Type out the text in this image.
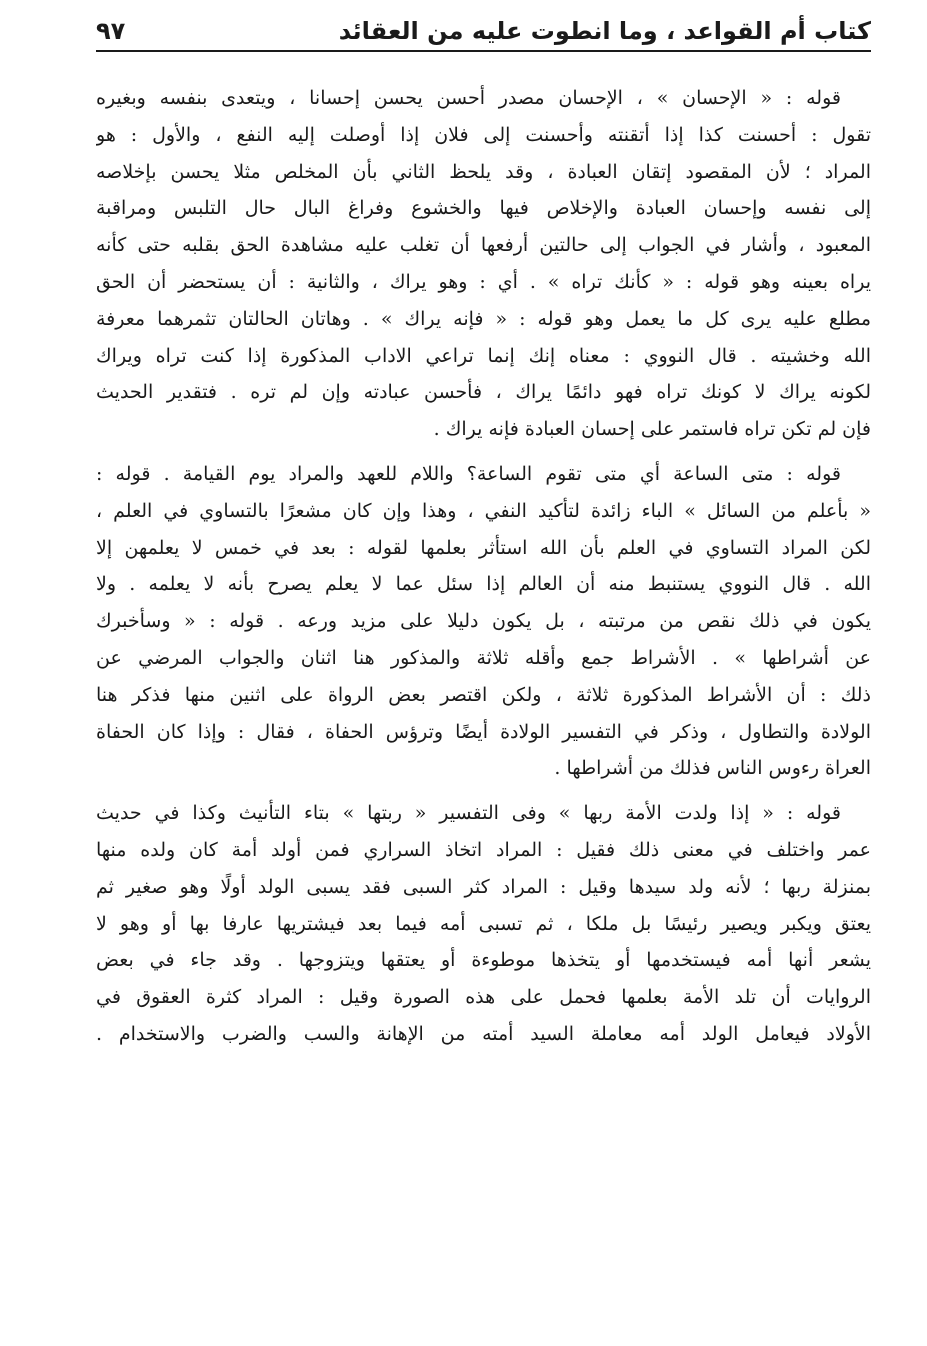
كتاب أم القواعد ، وما انطوت عليه من العقائد
٩٧
قوله : « الإحسان » ، الإحسان مصدر أحسن يحسن إحسانا ، ويتعدى بنفسه وبغيره
تقول : أحسنت كذا إذا أتقنته وأحسنت إلى فلان إذا أوصلت إليه النفع ، والأول : هو
المراد ؛ لأن المقصود إتقان العبادة ، وقد يلحظ الثاني بأن المخلص مثلا يحسن بإخلاصه
إلى نفسه وإحسان العبادة والإخلاص فيها والخشوع وفراغ البال حال التلبس ومراقبة
المعبود ، وأشار في الجواب إلى حالتين أرفعها أن تغلب عليه مشاهدة الحق بقلبه حتى كأنه
يراه بعينه وهو قوله : « كأنك تراه » . أي : وهو يراك ، والثانية : أن يستحضر أن الحق
مطلع عليه يرى كل ما يعمل وهو قوله : « فإنه يراك » . وهاتان الحالتان تثمرهما معرفة
الله وخشيته . قال النووي : معناه إنك إنما تراعي الاداب المذكورة إذا كنت تراه ويراك
لكونه يراك لا كونك تراه فهو دائمًا يراك ، فأحسن عبادته وإن لم تره . فتقدير الحديث
فإن لم تكن تراه فاستمر على إحسان العبادة فإنه يراك .
قوله : متى الساعة أي متى تقوم الساعة؟ واللام للعهد والمراد يوم القيامة . قوله :
« بأعلم من السائل » الباء زائدة لتأكيد النفي ، وهذا وإن كان مشعرًا بالتساوي في العلم ،
لكن المراد التساوي في العلم بأن الله استأثر بعلمها لقوله : بعد في خمس لا يعلمهن إلا
الله . قال النووي يستنبط منه أن العالم إذا سئل عما لا يعلم يصرح بأنه لا يعلمه . ولا
يكون في ذلك نقص من مرتبته ، بل يكون دليلا على مزيد ورعه . قوله : « وسأخبرك
عن أشراطها » . الأشراط جمع وأقله ثلاثة والمذكور هنا اثنان والجواب المرضي عن
ذلك : أن الأشراط المذكورة ثلاثة ، ولكن اقتصر بعض الرواة على اثنين منها فذكر هنا
الولادة والتطاول ، وذكر في التفسير الولادة أيضًا وترؤس الحفاة ، فقال : وإذا كان الحفاة
العراة رءوس الناس فذلك من أشراطها .
قوله : « إذا ولدت الأمة ربها » وفى التفسير « ربتها » بتاء التأنيث وكذا في حديث
عمر واختلف في معنى ذلك فقيل : المراد اتخاذ السراري فمن أولد أمة كان ولده منها
بمنزلة ربها ؛ لأنه ولد سيدها وقيل : المراد كثر السبى فقد يسبى الولد أولًا وهو صغير ثم
يعتق ويكبر ويصير رئيسًا بل ملكا ، ثم تسبى أمه فيما بعد فيشتريها عارفا بها أو وهو لا
يشعر أنها أمه فيستخدمها أو يتخذها موطوءة أو يعتقها ويتزوجها . وقد جاء في بعض
الروايات أن تلد الأمة بعلمها فحمل على هذه الصورة وقيل : المراد كثرة العقوق في
الأولاد فيعامل الولد أمه معاملة السيد أمته من الإهانة والسب والضرب والاستخدام .
